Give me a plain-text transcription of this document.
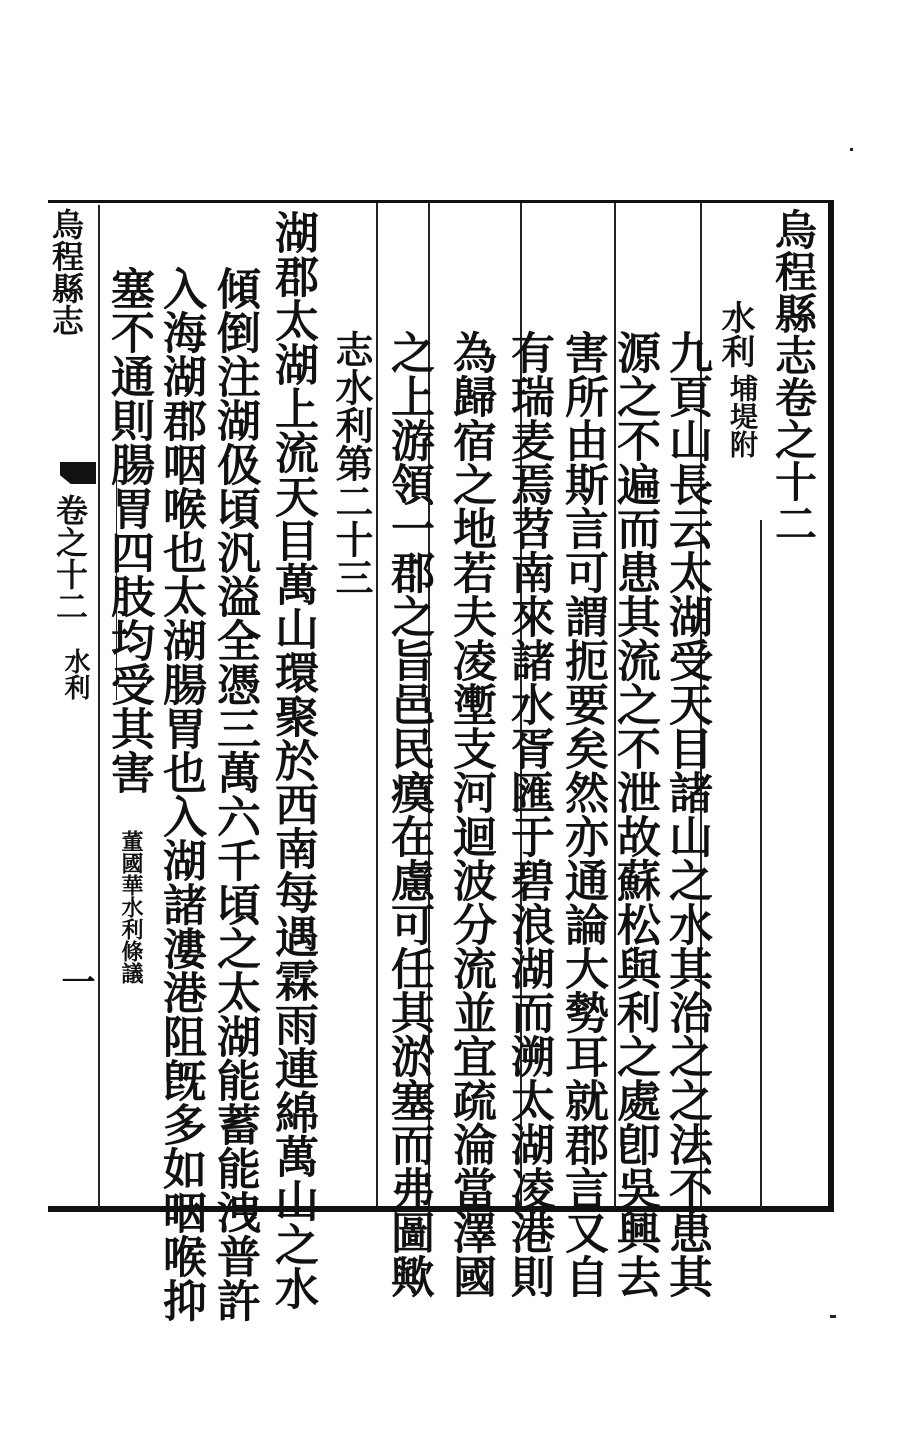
烏程縣志卷之十二
水利
埔堤附
九頁山長云太湖受天目諸山之水其治之之法不患其
源之不遍而患其流之不泄故蘇松與利之處卽吳興去
害所由斯言可謂扼要矣然亦通論大勢耳就郡言又自
有瑞麦焉苕南來諸水胥匯于碧浪湖而溯太湖凌港則
為歸宿之地若夫凌壍支河迴波分流並宜疏淪當澤國
之上游領一郡之旨邑民瘼在慮可任其淤塞而弗圖歟
志水利第二十三
湖郡太湖上流天目萬山環聚於西南每遇霖雨連綿萬山之水
傾倒注湖伋頃汎溢全憑三萬六千頃之太湖能蓄能洩普許
入海湖郡咽喉也太湖腸胃也入湖諸漊港阻旣多如咽喉抑
塞不通則腸胃四肢均受其害
董國華水利條議
烏程縣志
卷之十二
水利
一
